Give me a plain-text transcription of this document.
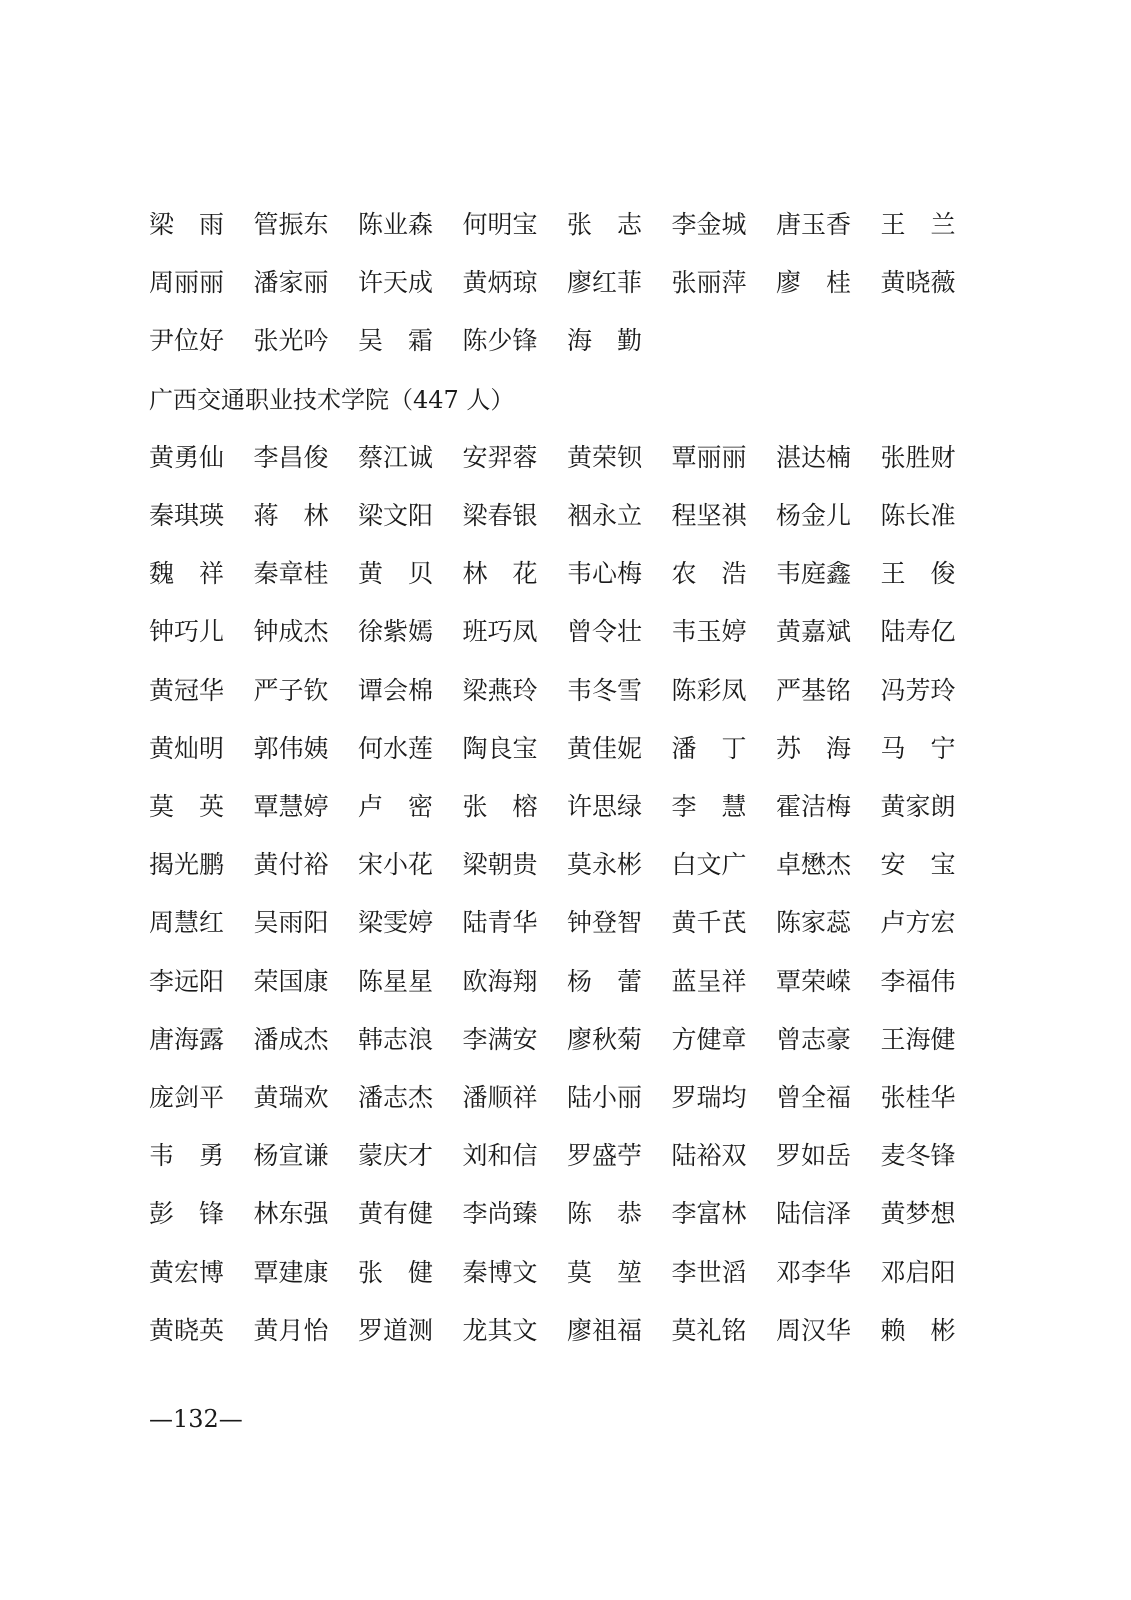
梁　雨 管振东 陈业森 何明宝 张　志 李金城 唐玉香 王　兰
周丽丽 潘家丽 许天成 黄炳琼 廖红菲 张丽萍 廖　桂 黄晓薇
尹位好 张光吟 吴　霜 陈少锋 海　勤
广西交通职业技术学院（447 人）
黄勇仙 李昌俊 蔡江诚 安羿蓉 黄荣钡 覃丽丽 湛达楠 张胜财
秦琪瑛 蒋　林 梁文阳 梁春银 裀永立 程坚祺 杨金儿 陈长准
魏　祥 秦章桂 黄　贝 林　花 韦心梅 农　浩 韦庭鑫 王　俊
钟巧儿 钟成杰 徐紫嫣 班巧凤 曾令壮 韦玉婷 黄嘉斌 陆寿亿
黄冠华 严子钦 谭会棉 梁燕玲 韦冬雪 陈彩凤 严基铭 冯芳玲
黄灿明 郭伟姨 何水莲 陶良宝 黄佳妮 潘　丁 苏　海 马　宁
莫　英 覃慧婷 卢　密 张　榕 许思绿 李　慧 霍洁梅 黄家朗
揭光鹏 黄付裕 宋小花 梁朝贵 莫永彬 白文广 卓懋杰 安　宝
周慧红 吴雨阳 梁雯婷 陆青华 钟登智 黄千芪 陈家蕊 卢方宏
李远阳 荣国康 陈星星 欧海翔 杨　蕾 蓝呈祥 覃荣嵘 李福伟
唐海露 潘成杰 韩志浪 李满安 廖秋菊 方健章 曾志豪 王海健
庞剑平 黄瑞欢 潘志杰 潘顺祥 陆小丽 罗瑞均 曾全福 张桂华
韦　勇 杨宣谦 蒙庆才 刘和信 罗盛苧 陆裕双 罗如岳 麦冬锋
彭　锋 林东强 黄有健 李尚臻 陈　恭 李富林 陆信泽 黄梦想
黄宏博 覃建康 张　健 秦博文 莫　堃 李世滔 邓李华 邓启阳
黄晓英 黄月怡 罗道测 龙其文 廖祖福 莫礼铭 周汉华 赖　彬
—132—
